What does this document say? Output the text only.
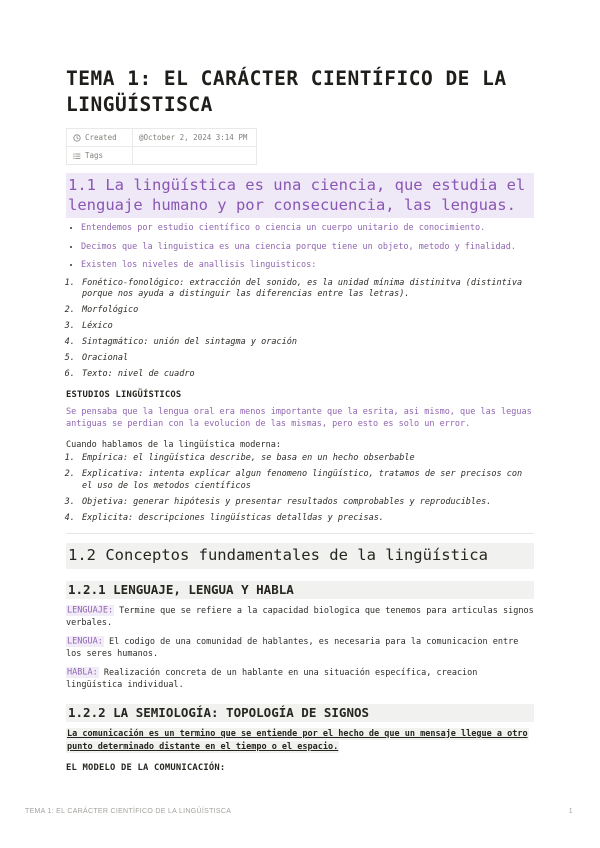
TEMA 1: EL CARÁCTER CIENTÍFICO DE LA LINGÜÍSTISCA
Created	@October 2, 2024 3:14 PM

Tags	

1.1 La lingüística es una ciencia, que estudia el lenguaje humano y por consecuencia, las lenguas.
• Entendemos por estudio científico o ciencia un cuerpo unitario de conocimiento.
• Decimos que la linguistica es una ciencia porque tiene un objeto, metodo y finalidad.
• Existen los niveles de anallisis linguisticos:
1. Fonético-fonológico: extracción del sonido, es la unidad mínima distinitva (distintiva porque nos ayuda a distinguir las diferencias entre las letras).
2. Morfológico
3. Léxico
4. Sintagmático: unión del sintagma y oración
5. Oracional
6. Texto: nivel de cuadro

ESTUDIOS LINGÜÍSTICOS

Se pensaba que la lengua oral era menos importante que la esrita, asi mismo, que las leguas antiguas se perdian con la evolucion de las mismas, pero esto es solo un error.

Cuando hablamos de la lingüística moderna:

1. Empírica: el lingüística describe, se basa en un hecho obserbable
2. Explicativa: intenta explicar algun fenomeno lingüístico, tratamos de ser precisos con el uso de los metodos científicos
3. Objetiva: generar hipótesis y presentar resultados comprobables y reproducibles.
4. Explicita: descripciones lingüísticas detalldas y precisas.
1.2 Conceptos fundamentales de la lingüística
1.2.1 LENGUAJE, LENGUA Y HABLA

LENGUAJE: Termine que se refiere a la capacidad biologica que tenemos para articulas signos verbales.

LENGUA: El codigo de una comunidad de hablantes, es necesaria para la comunicacion entre los seres humanos.

HABLA: Realización concreta de un hablante en una situación específica, creacion lingüística individual.

1.2.2 LA SEMIOLOGÍA: TOPOLOGÍA DE SIGNOS

La comunicación es un termino que se entiende por el hecho de que un mensaje llegue a otro punto determinado distante en el tiempo o el espacio.

EL MODELO DE LA COMUNICACIÓN:

TEMA 1: EL CARÁCTER CIENTÍFICO DE LA LINGÜÍSTISCA	1
